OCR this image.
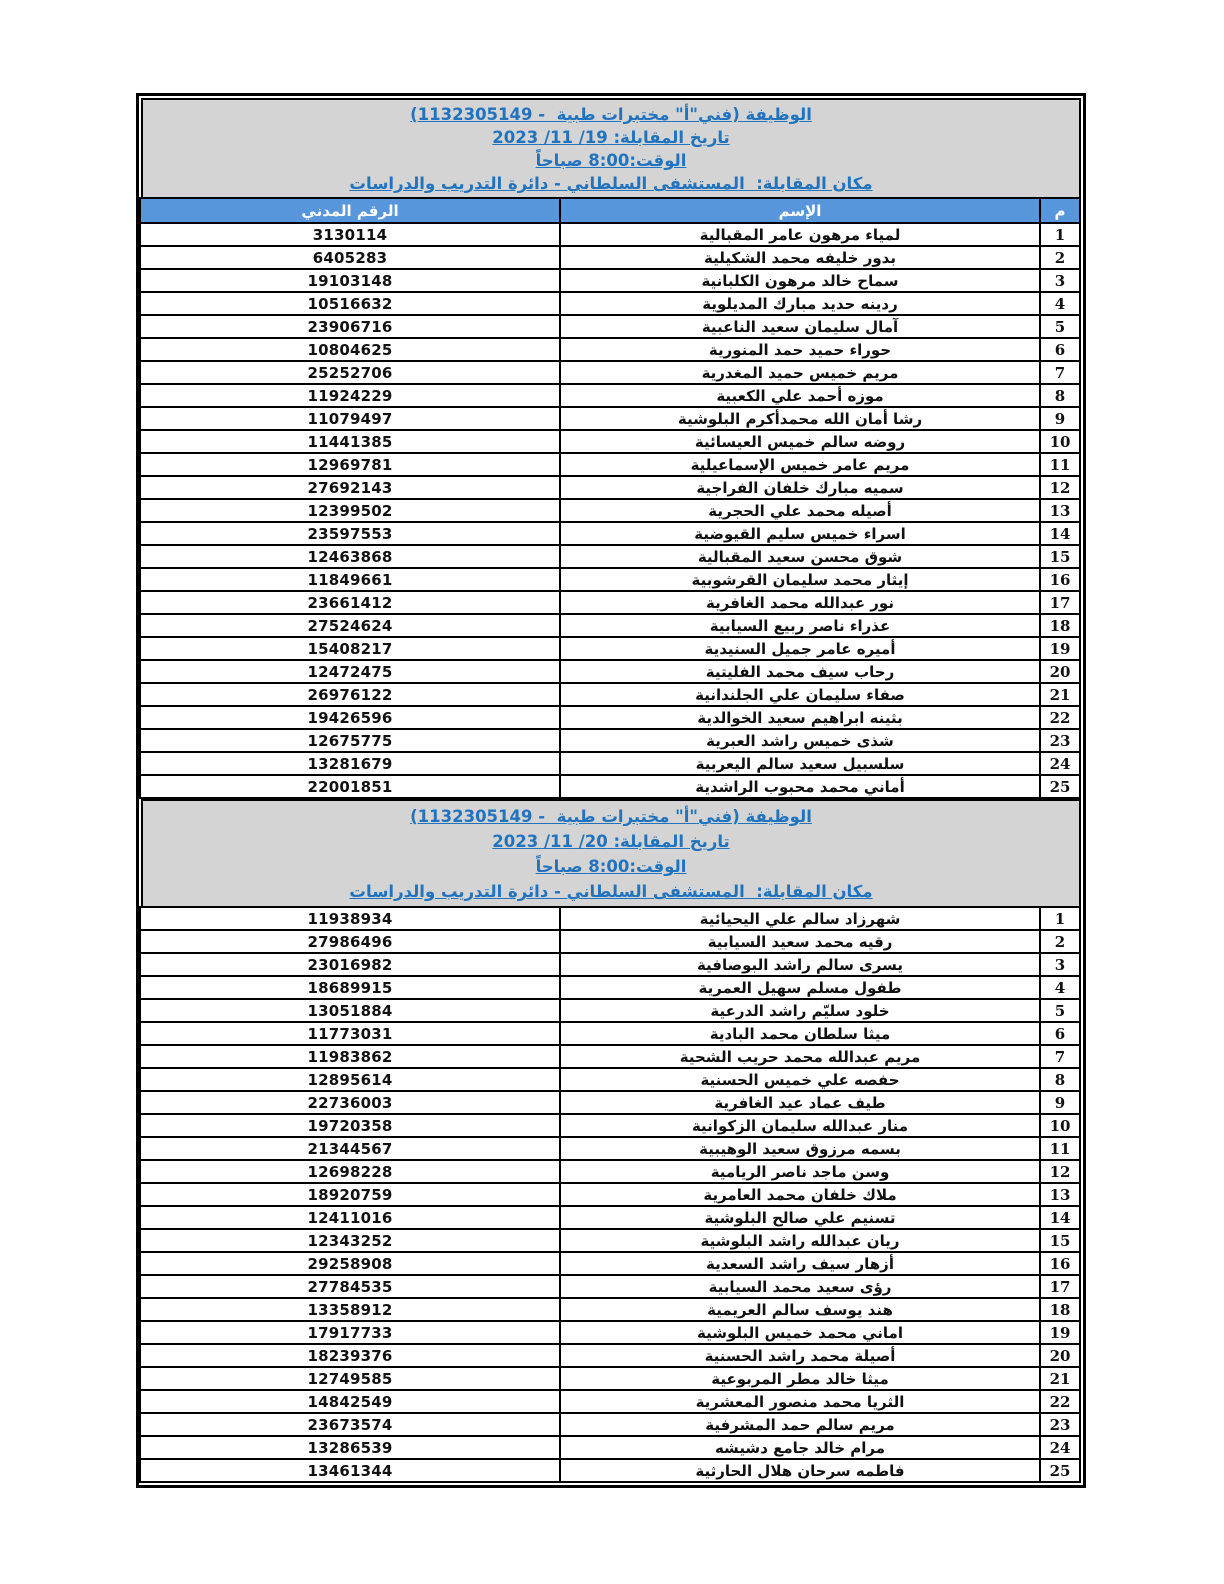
الوظيفة (فني"أ" مختبرات طبية  - 1132305149)
تاريخ المقابلة: 19/ 11/ 2023
الوقت:8:00 صباحاً
مكان المقابلة:  المستشفى السلطاني - دائرة التدريب والدراسات
م	الإسم	الرقم المدني
1	لمياء مرهون عامر المقبالية	3130114
2	بدور خليفه محمد الشكيلية	6405283
3	سماح خالد مرهون الكلبانية	19103148
4	ردينه حديد مبارك المديلوية	10516632
5	آمال سليمان سعيد الناعبية	23906716
6	حوراء حميد حمد المنورية	10804625
7	مريم خميس حميد المغدرية	25252706
8	موزه أحمد علي الكعبية	11924229
9	رشا أمان الله محمدأكرم البلوشية	11079497
10	روضه سالم خميس العيسائية	11441385
11	مريم عامر خميس الإسماعيلية	12969781
12	سميه مبارك خلفان الفراجية	27692143
13	أصيله محمد علي الحجرية	12399502
14	اسراء خميس سليم القيوضية	23597553
15	شوق محسن سعيد المقبالية	12463868
16	إيثار محمد سليمان القرشوبية	11849661
17	نور عبدالله محمد الغافرية	23661412
18	عذراء ناصر ربيع السيابية	27524624
19	أميره عامر جميل السنيدية	15408217
20	رحاب سيف محمد الفليتية	12472475
21	صفاء سليمان علي الجلندانية	26976122
22	بثينه ابراهيم سعيد الخوالدية	19426596
23	شذى خميس راشد العبرية	12675775
24	سلسبيل سعيد سالم اليعربية	13281679
25	أماني محمد محبوب الراشدية	22001851
الوظيفة (فني"أ" مختبرات طبية  - 1132305149)
تاريخ المقابلة: 20/ 11/ 2023
الوقت:8:00 صباحاً
مكان المقابلة:  المستشفى السلطاني - دائرة التدريب والدراسات
1	شهرزاد سالم علي اليحيائية	11938934
2	رقيه محمد سعيد السيابية	27986496
3	يسرى سالم راشد البوصافية	23016982
4	طفول مسلم سهيل العمرية	18689915
5	خلود سليّم راشد الدرعية	13051884
6	ميثا سلطان محمد البادية	11773031
7	مريم عبدالله محمد حريب الشحية	11983862
8	حفصه علي خميس الحسنية	12895614
9	طيف عماد عيد الغافرية	22736003
10	منار عبدالله سليمان الزكوانية	19720358
11	بسمه مرزوق سعيد الوهيبية	21344567
12	وسن ماجد ناصر الريامية	12698228
13	ملاك خلفان محمد العامرية	18920759
14	تسنيم علي صالح البلوشية	12411016
15	ريان عبدالله راشد البلوشية	12343252
16	أزهار سيف راشد السعدية	29258908
17	رؤى سعيد محمد السيابية	27784535
18	هند يوسف سالم العريمية	13358912
19	اماني محمد خميس البلوشية	17917733
20	أصيلة محمد راشد الحسنية	18239376
21	ميثا خالد مطر المربوعية	12749585
22	الثريا محمد منصور المعشرية	14842549
23	مريم سالم حمد المشرفية	23673574
24	مرام خالد جامع دشيشه	13286539
25	فاطمه سرحان هلال الحارثية	13461344
